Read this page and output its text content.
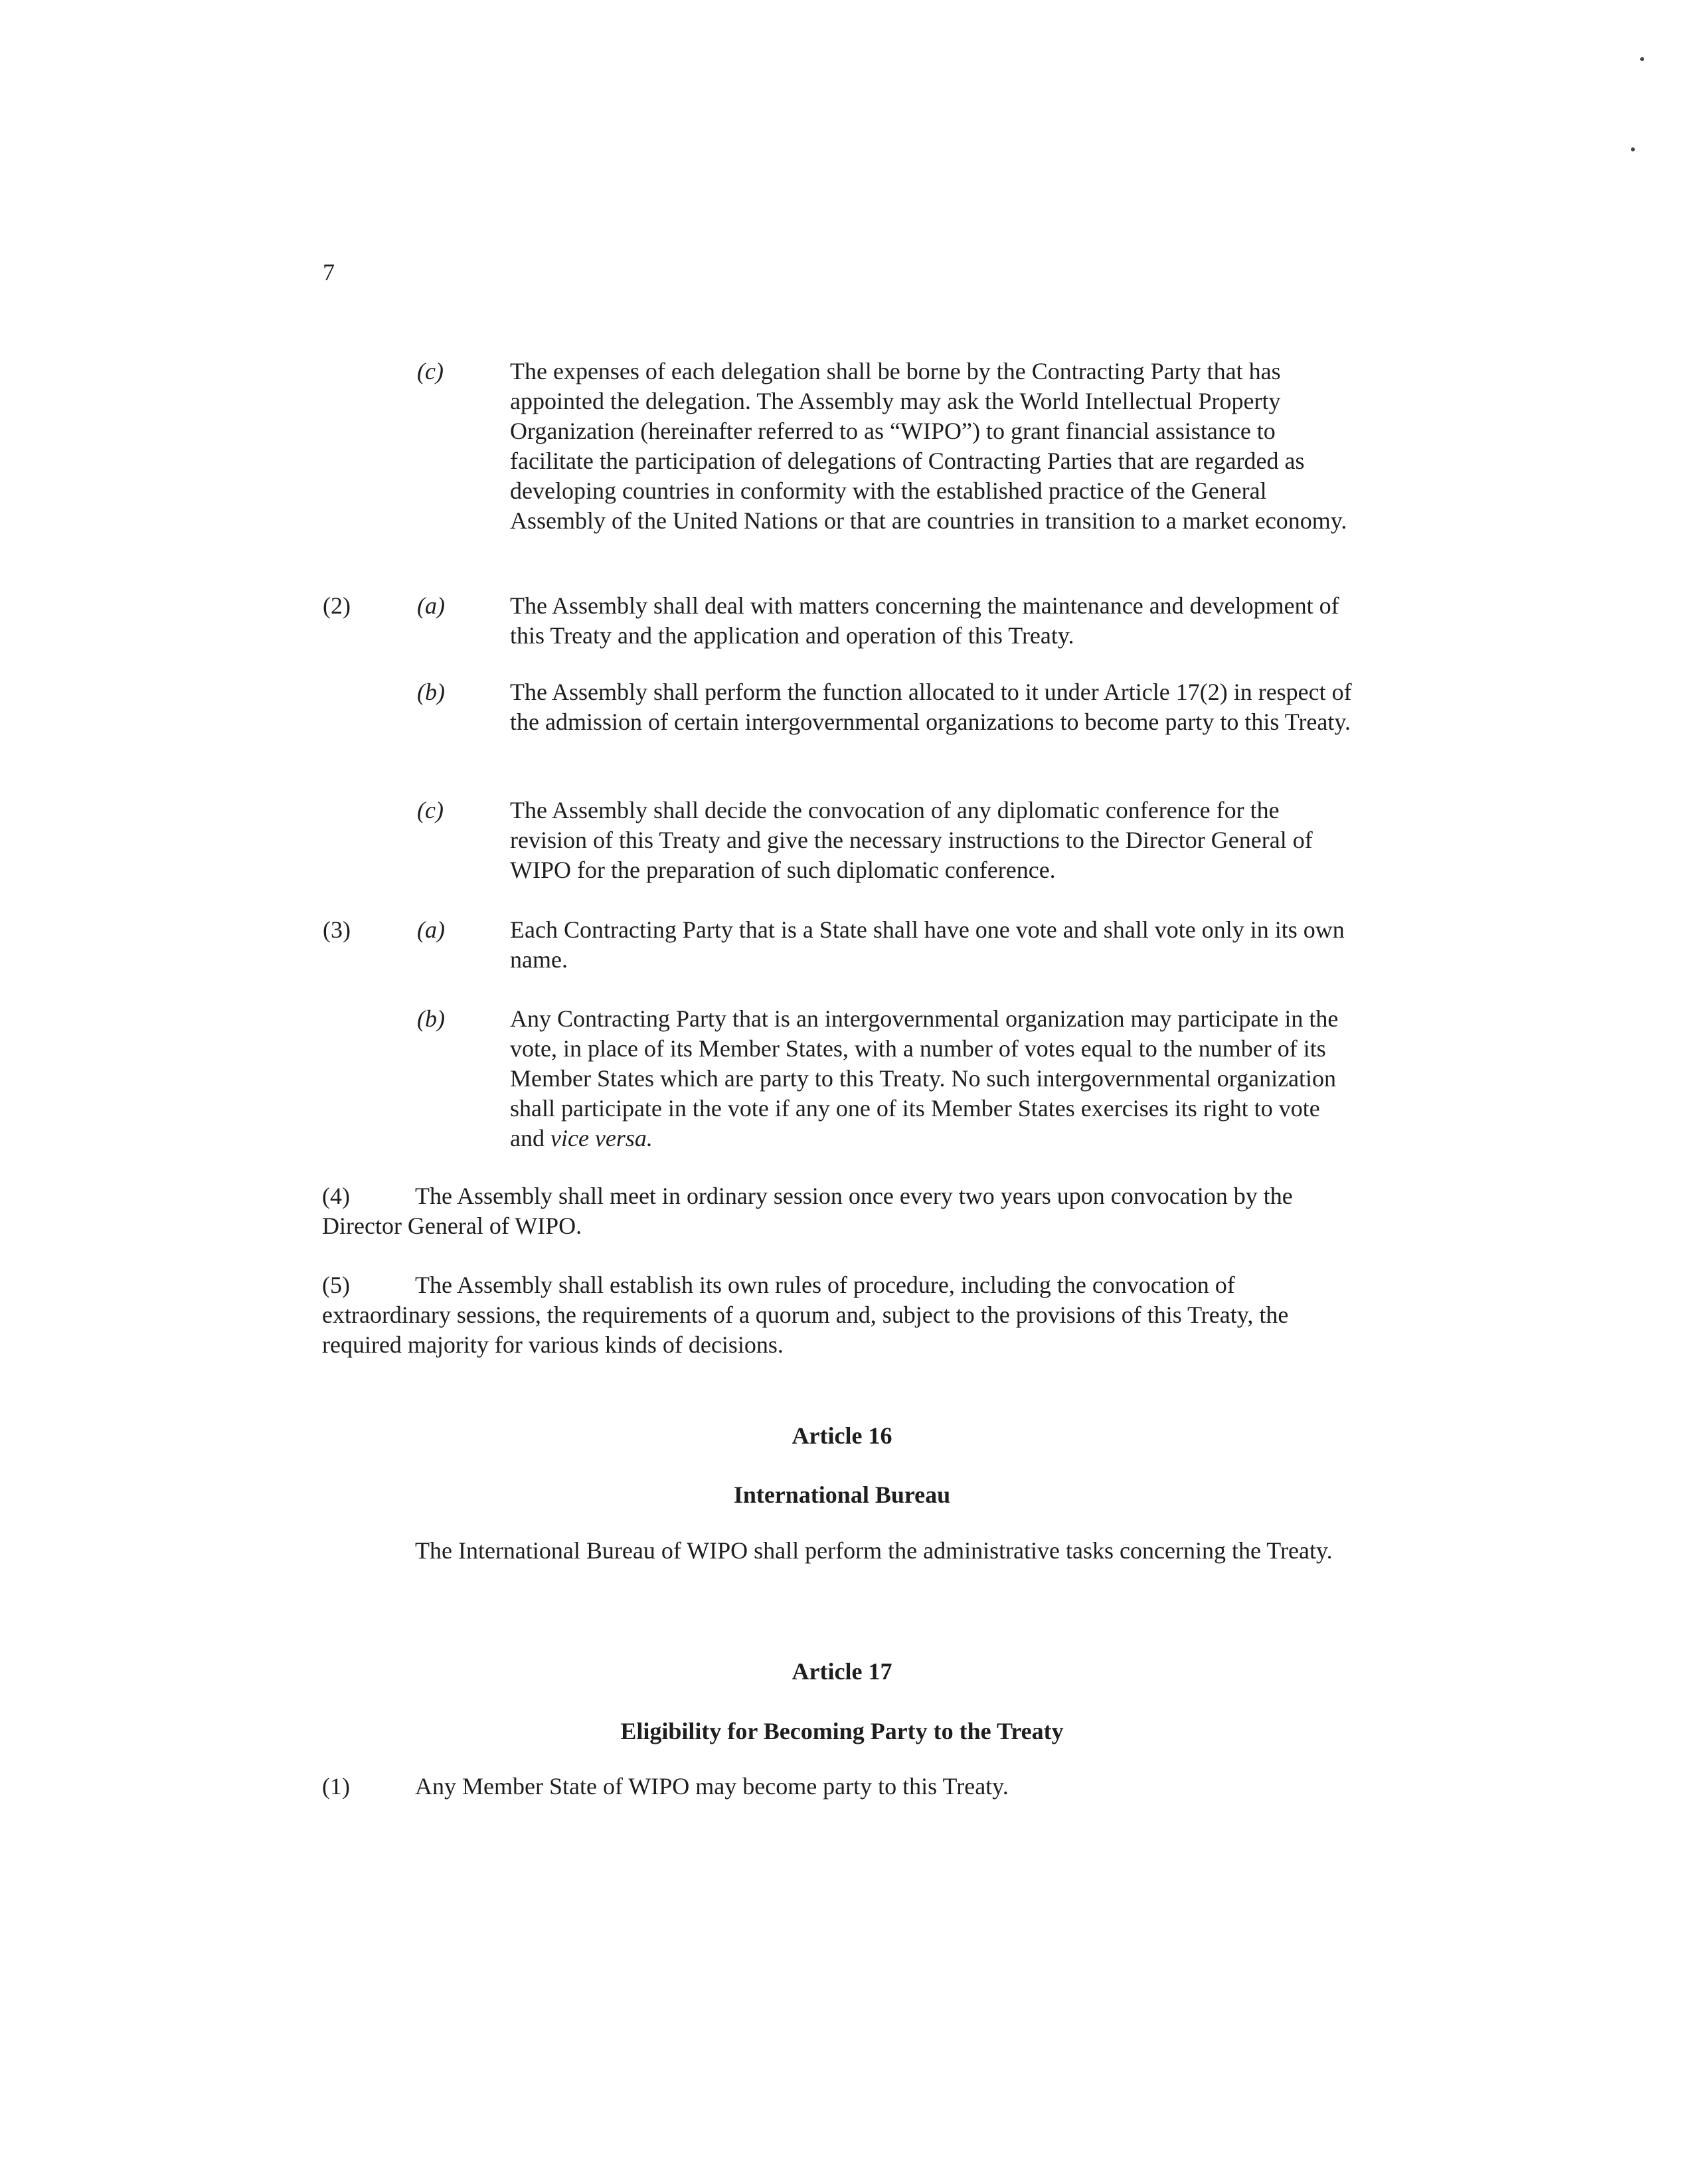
7
(c)	The expenses of each delegation shall be borne by the Contracting Party that has appointed the delegation. The Assembly may ask the World Intellectual Property Organization (hereinafter referred to as “WIPO”) to grant financial assistance to facilitate the participation of delegations of Contracting Parties that are regarded as developing countries in conformity with the established practice of the General Assembly of the United Nations or that are countries in transition to a market economy.
(2)	(a)	The Assembly shall deal with matters concerning the maintenance and development of this Treaty and the application and operation of this Treaty.
(b)	The Assembly shall perform the function allocated to it under Article 17(2) in respect of the admission of certain intergovernmental organizations to become party to this Treaty.
(c)	The Assembly shall decide the convocation of any diplomatic conference for the revision of this Treaty and give the necessary instructions to the Director General of WIPO for the preparation of such diplomatic conference.
(3)	(a)	Each Contracting Party that is a State shall have one vote and shall vote only in its own name.
(b)	Any Contracting Party that is an intergovernmental organization may participate in the vote, in place of its Member States, with a number of votes equal to the number of its Member States which are party to this Treaty. No such intergovernmental organization shall participate in the vote if any one of its Member States exercises its right to vote and vice versa.
(4)	The Assembly shall meet in ordinary session once every two years upon convocation by the Director General of WIPO.
(5)	The Assembly shall establish its own rules of procedure, including the convocation of extraordinary sessions, the requirements of a quorum and, subject to the provisions of this Treaty, the required majority for various kinds of decisions.
Article 16
International Bureau
The International Bureau of WIPO shall perform the administrative tasks concerning the Treaty.
Article 17
Eligibility for Becoming Party to the Treaty
(1)	Any Member State of WIPO may become party to this Treaty.
